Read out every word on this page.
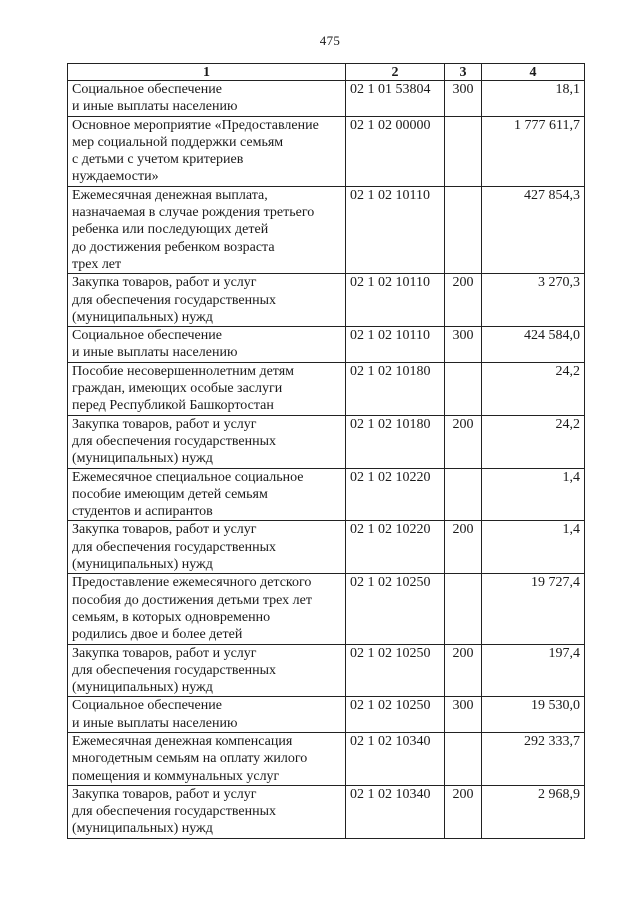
475
1	2	3	4
Социальное обеспечение
и иные выплаты населению	02 1 01 53804	300	18,1
Основное мероприятие «Предоставление
мер социальной поддержки семьям
с детьми с учетом критериев
нуждаемости»	02 1 02 00000		1 777 611,7
Ежемесячная денежная выплата,
назначаемая в случае рождения третьего
ребенка или последующих детей
до достижения ребенком возраста
трех лет	02 1 02 10110		427 854,3
Закупка товаров, работ и услуг
для обеспечения государственных
(муниципальных) нужд	02 1 02 10110	200	3 270,3
Социальное обеспечение
и иные выплаты населению	02 1 02 10110	300	424 584,0
Пособие несовершеннолетним детям
граждан, имеющих особые заслуги
перед Республикой Башкортостан	02 1 02 10180		24,2
Закупка товаров, работ и услуг
для обеспечения государственных
(муниципальных) нужд	02 1 02 10180	200	24,2
Ежемесячное специальное социальное
пособие имеющим детей семьям
студентов и аспирантов	02 1 02 10220		1,4
Закупка товаров, работ и услуг
для обеспечения государственных
(муниципальных) нужд	02 1 02 10220	200	1,4
Предоставление ежемесячного детского
пособия до достижения детьми трех лет
семьям, в которых одновременно
родились двое и более детей	02 1 02 10250		19 727,4
Закупка товаров, работ и услуг
для обеспечения государственных
(муниципальных) нужд	02 1 02 10250	200	197,4
Социальное обеспечение
и иные выплаты населению	02 1 02 10250	300	19 530,0
Ежемесячная денежная компенсация
многодетным семьям на оплату жилого
помещения и коммунальных услуг	02 1 02 10340		292 333,7
Закупка товаров, работ и услуг
для обеспечения государственных
(муниципальных) нужд	02 1 02 10340	200	2 968,9
